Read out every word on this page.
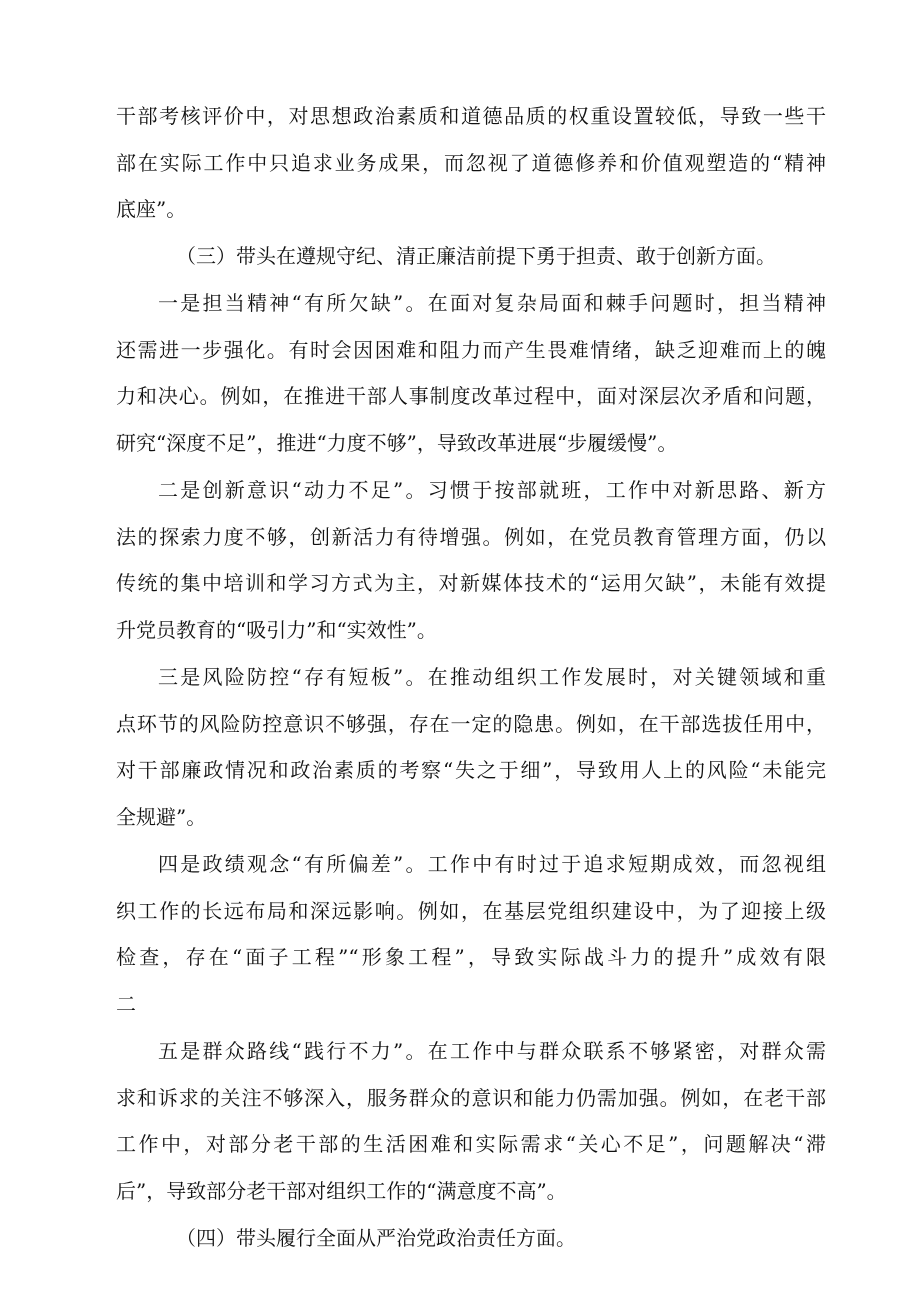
干部考核评价中，对思想政治素质和道德品质的权重设置较低，导致一些干
部在实际工作中只追求业务成果，而忽视了道德修养和价值观塑造的“精神
底座”。
（三）带头在遵规守纪、清正廉洁前提下勇于担责、敢于创新方面。
一是担当精神“有所欠缺”。在面对复杂局面和棘手问题时，担当精神
还需进一步强化。有时会因困难和阻力而产生畏难情绪，缺乏迎难而上的魄
力和决心。例如，在推进干部人事制度改革过程中，面对深层次矛盾和问题，
研究“深度不足”，推进“力度不够”，导致改革进展“步履缓慢”。
二是创新意识“动力不足”。习惯于按部就班，工作中对新思路、新方
法的探索力度不够，创新活力有待增强。例如，在党员教育管理方面，仍以
传统的集中培训和学习方式为主，对新媒体技术的“运用欠缺”，未能有效提
升党员教育的“吸引力”和“实效性”。
三是风险防控“存有短板”。在推动组织工作发展时，对关键领域和重
点环节的风险防控意识不够强，存在一定的隐患。例如，在干部选拔任用中，
对干部廉政情况和政治素质的考察“失之于细”，导致用人上的风险“未能完
全规避”。
四是政绩观念“有所偏差”。工作中有时过于追求短期成效，而忽视组
织工作的长远布局和深远影响。例如，在基层党组织建设中，为了迎接上级
检查，存在“面子工程”“形象工程”，导致实际战斗力的提升”成效有限
二
五是群众路线“践行不力”。在工作中与群众联系不够紧密，对群众需
求和诉求的关注不够深入，服务群众的意识和能力仍需加强。例如，在老干部
工作中，对部分老干部的生活困难和实际需求“关心不足”，问题解决“滞
后”，导致部分老干部对组织工作的“满意度不高”。
（四）带头履行全面从严治党政治责任方面。
